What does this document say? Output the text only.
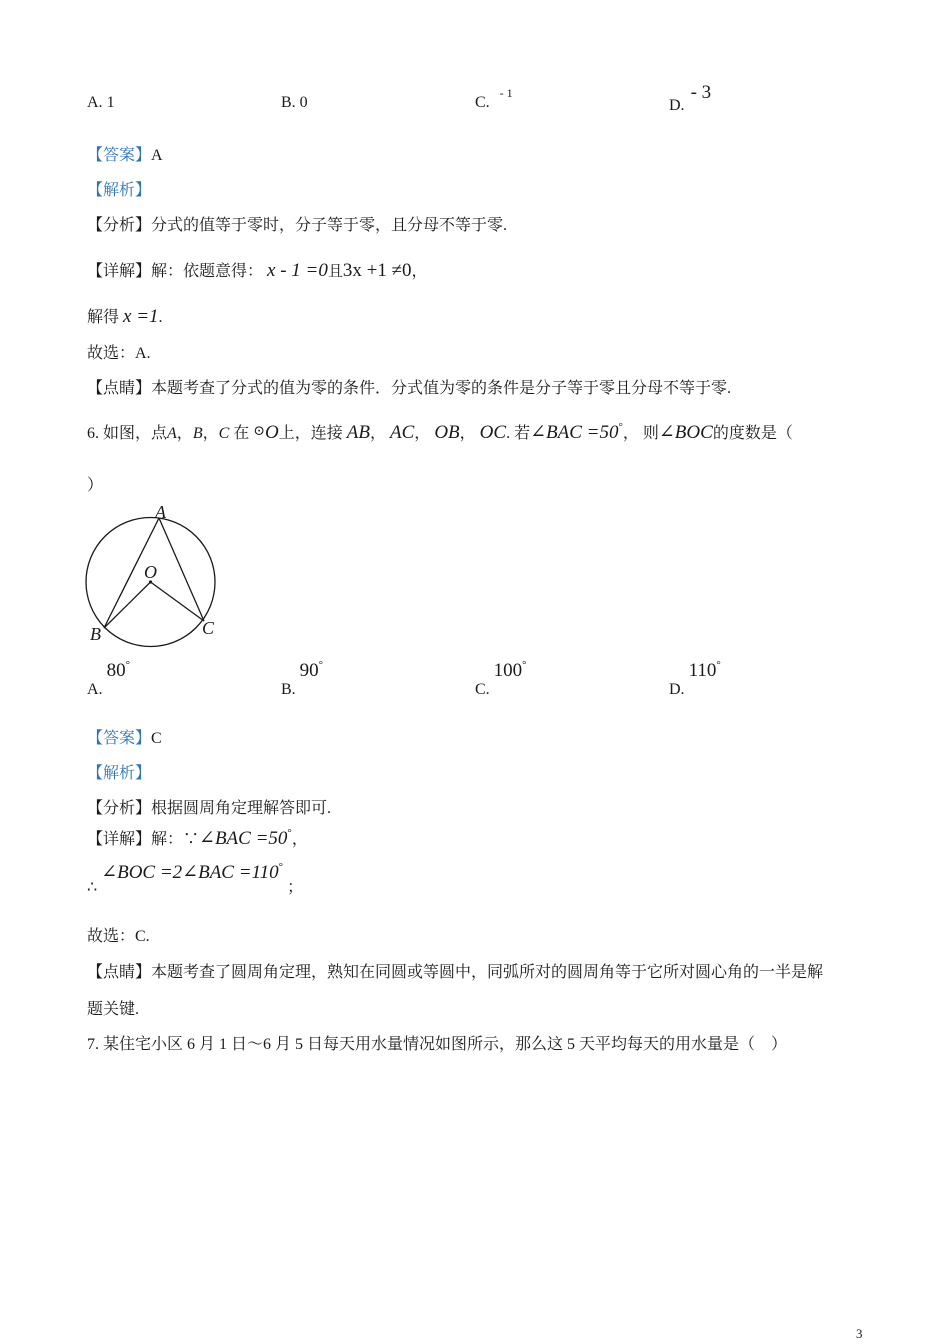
A. 1	B. 0	C. $^{- 1}$
D. - 3
【答案】A
【解析】
【分析】分式的值等于零时，分子等于零，且分母不等于零.
【详解】解：依题意得： x - 1 =0且3x +1 ≠0，
解得 x =1.
故选：A.
【点睛】本题考查了分式的值为零的条件．分式值为零的条件是分子等于零且分母不等于零.
6. 如图，点A，B，C 在 ⊙O上，连接 AB， AC， OB， OC. 若∠BAC =50°， 则∠BOC的度数是（
）
A
O
B	C
A. 80°
B. 90°
C. 100°
D. 110°
【答案】C
【解析】
【分析】根据圆周角定理解答即可.
【详解】解：∵∠BAC =50°，
∴ ∠BOC =2∠BAC =110° ；
故选：C.
【点睛】本题考查了圆周角定理，熟知在同圆或等圆中，同弧所对的圆周角等于它所对圆心角的一半是解
题关键.
7. 某住宅小区 6 月 1 日～6 月 5 日每天用水量情况如图所示，那么这 5 天平均每天的用水量是（　）
3
